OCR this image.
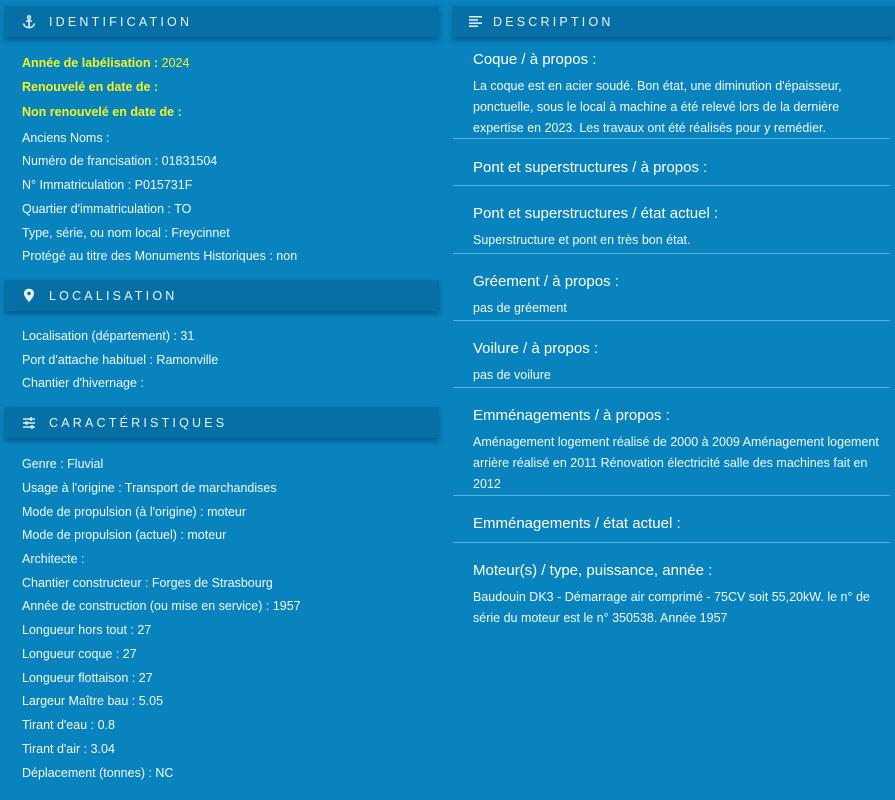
IDENTIFICATION
Année de labélisation : 2024
Renouvelé en date de :
Non renouvelé en date de :
Anciens Noms :
Numéro de francisation : 01831504
N° Immatriculation : P015731F
Quartier d'immatriculation : TO
Type, série, ou nom local : Freycinnet
Protégé au titre des Monuments Historiques : non
LOCALISATION
Localisation (département) : 31
Port d'attache habituel : Ramonville
Chantier d'hivernage :
CARACTÉRISTIQUES
Genre : Fluvial
Usage à l'origine : Transport de marchandises
Mode de propulsion (à l'origine) : moteur
Mode de propulsion (actuel) : moteur
Architecte :
Chantier constructeur : Forges de Strasbourg
Année de construction (ou mise en service) : 1957
Longueur hors tout : 27
Longueur coque : 27
Longueur flottaison : 27
Largeur Maître bau : 5.05
Tirant d'eau : 0.8
Tirant d'air : 3.04
Déplacement (tonnes) : NC
DESCRIPTION
Coque / à propos :
La coque est en acier soudé. Bon état, une diminution d'épaisseur, ponctuelle, sous le local à machine a été relevé lors de la dernière expertise en 2023. Les travaux ont été réalisés pour y remédier.
Pont et superstructures / à propos :
Pont et superstructures / état actuel :
Superstructure et pont en très bon état.
Gréement / à propos :
pas de gréement
Voilure / à propos :
pas de voilure
Emménagements / à propos :
Aménagement logement réalisé de 2000 à 2009 Aménagement logement arrière réalisé en 2011 Rénovation électricité salle des machines fait en 2012
Emménagements / état actuel :
Moteur(s) / type, puissance, année :
Baudouin DK3 - Démarrage air comprimé - 75CV soit 55,20kW. le n° de série du moteur est le n° 350538. Année 1957
